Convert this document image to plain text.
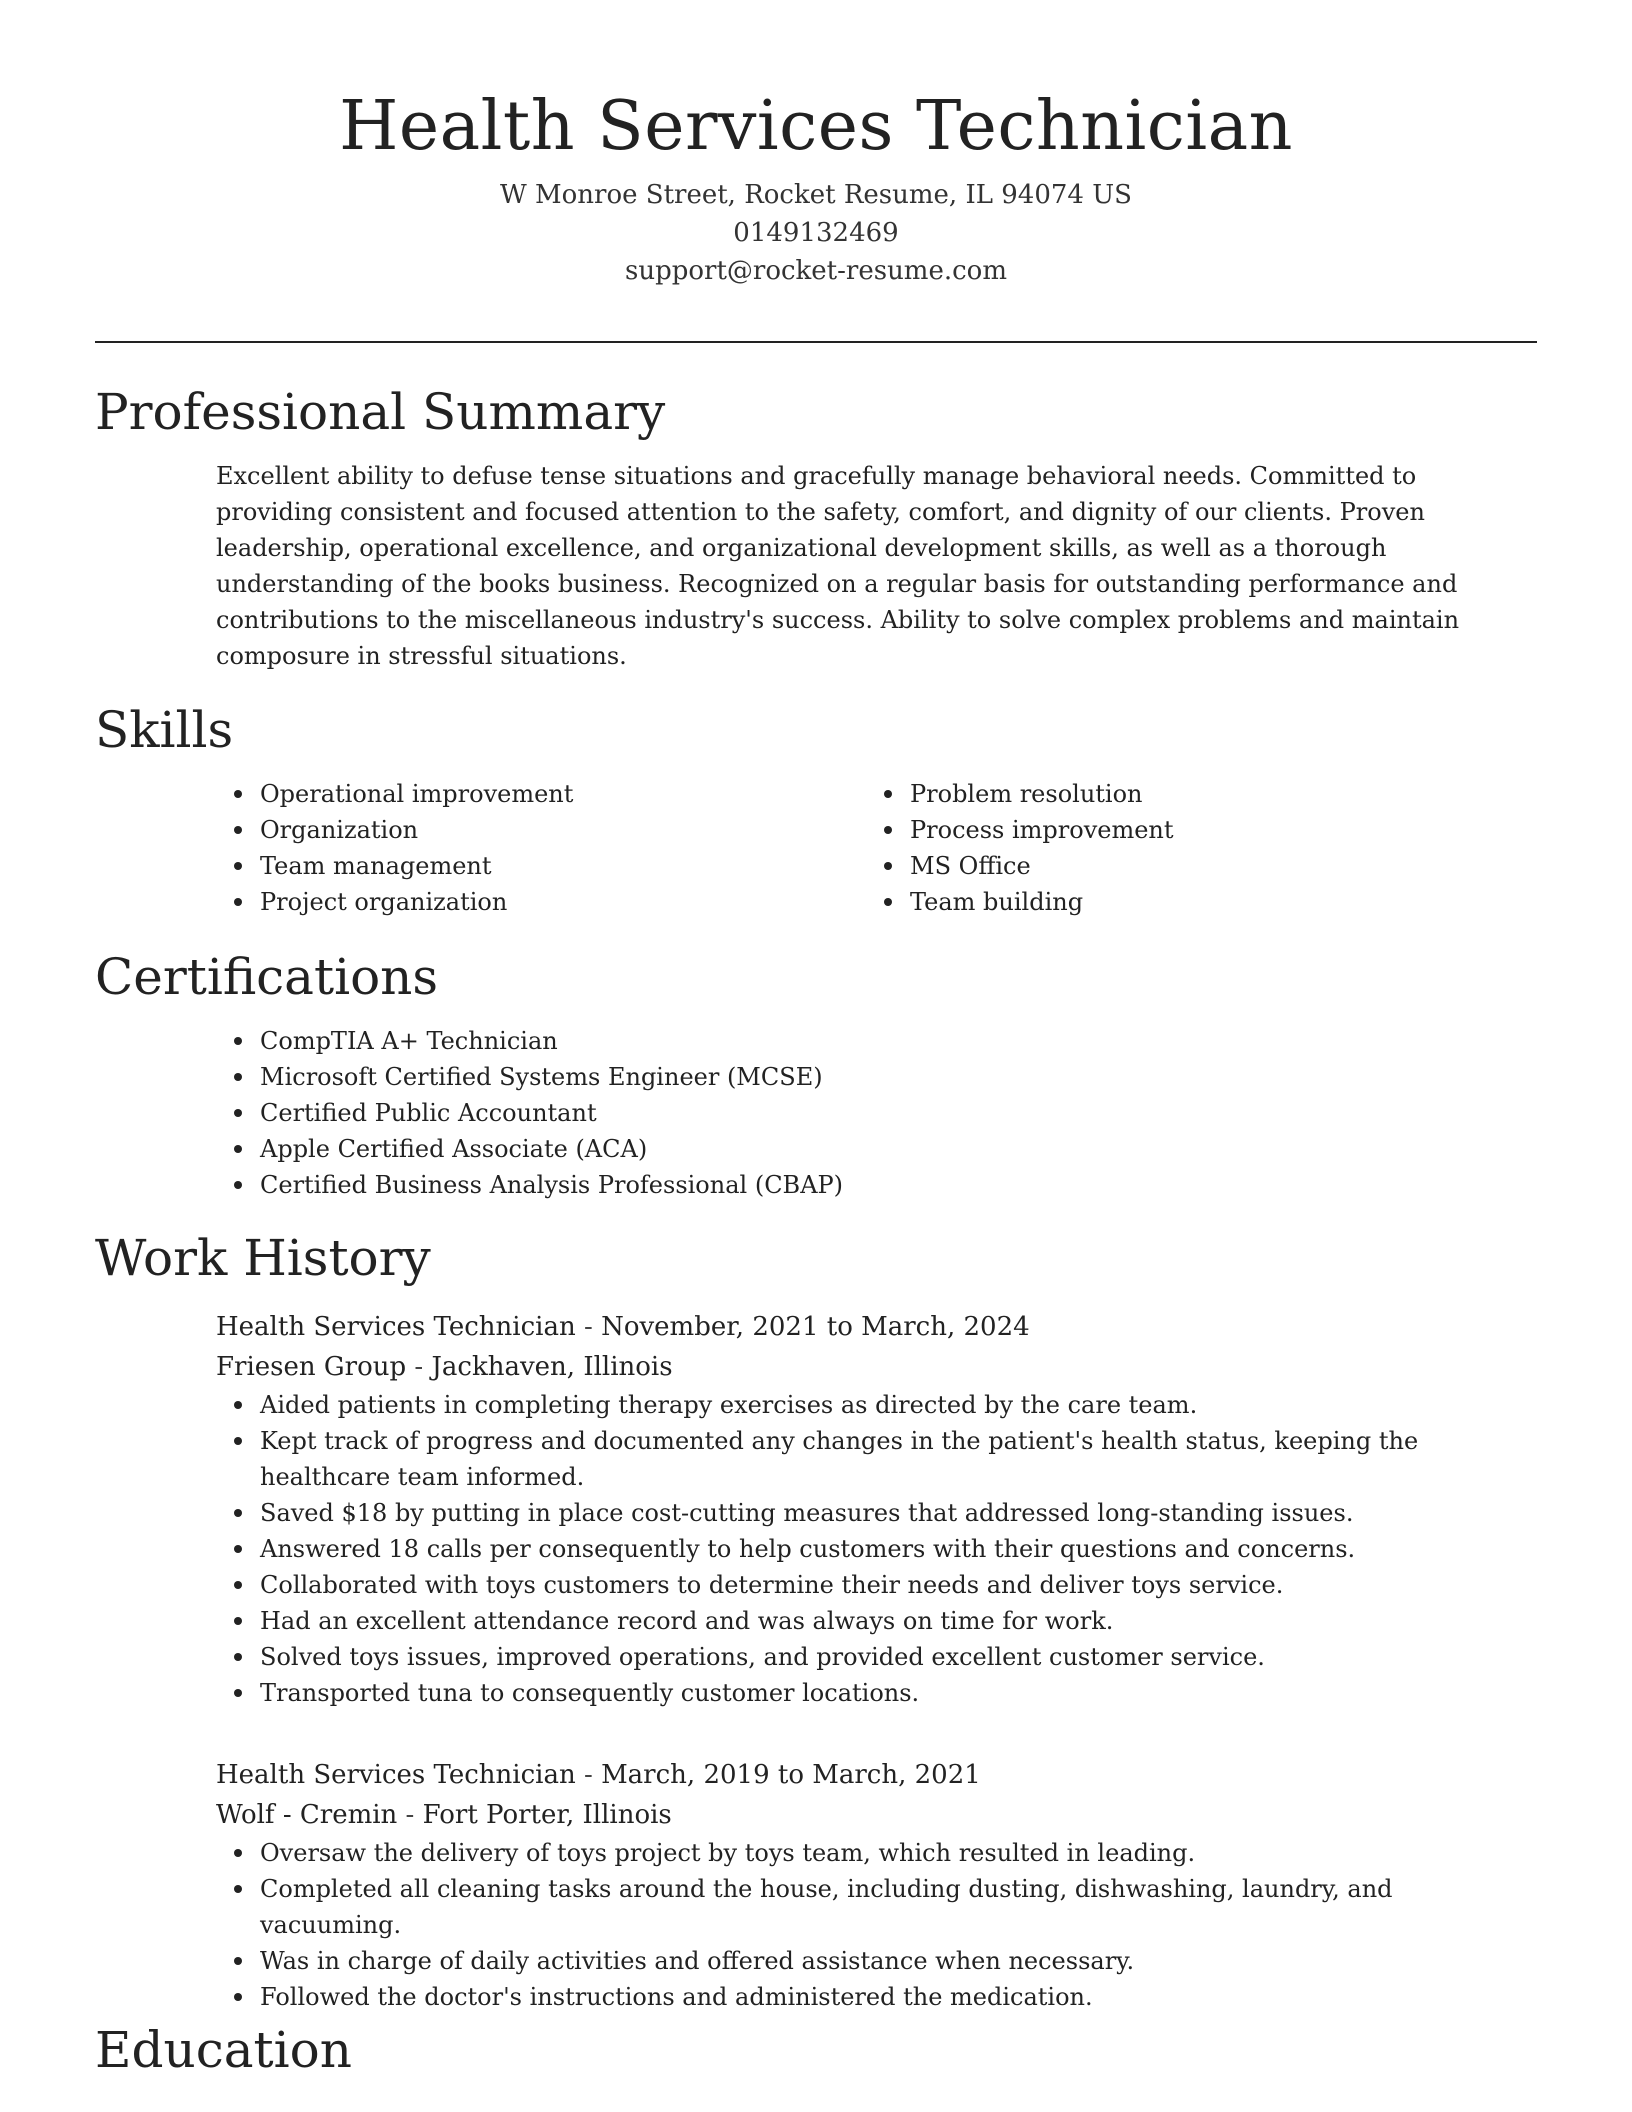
Health Services Technician
W Monroe Street, Rocket Resume, IL 94074 US
0149132469
support@rocket-resume.com
Professional Summary

Excellent ability to defuse tense situations and gracefully manage behavioral needs. Committed to providing consistent and focused attention to the safety, comfort, and dignity of our clients. Proven leadership, operational excellence, and organizational development skills, as well as a thorough understanding of the books business. Recognized on a regular basis for outstanding performance and contributions to the miscellaneous industry's success. Ability to solve complex problems and maintain composure in stressful situations.

Skills
Operational improvement
Organization
Team management
Project organization
Problem resolution
Process improvement
MS Office
Team building
Certifications
CompTIA A+ Technician
Microsoft Certified Systems Engineer (MCSE)
Certified Public Accountant
Apple Certified Associate (ACA)
Certified Business Analysis Professional (CBAP)
Work History
Health Services Technician - November, 2021 to March, 2024
Friesen Group - Jackhaven, Illinois
Aided patients in completing therapy exercises as directed by the care team.
Kept track of progress and documented any changes in the patient's health status, keeping the healthcare team informed.
Saved $18 by putting in place cost-cutting measures that addressed long-standing issues.
Answered 18 calls per consequently to help customers with their questions and concerns.
Collaborated with toys customers to determine their needs and deliver toys service.
Had an excellent attendance record and was always on time for work.
Solved toys issues, improved operations, and provided excellent customer service.
Transported tuna to consequently customer locations.
Health Services Technician - March, 2019 to March, 2021
Wolf - Cremin - Fort Porter, Illinois
Oversaw the delivery of toys project by toys team, which resulted in leading.
Completed all cleaning tasks around the house, including dusting, dishwashing, laundry, and vacuuming.
Was in charge of daily activities and offered assistance when necessary.
Followed the doctor's instructions and administered the medication.
Education
